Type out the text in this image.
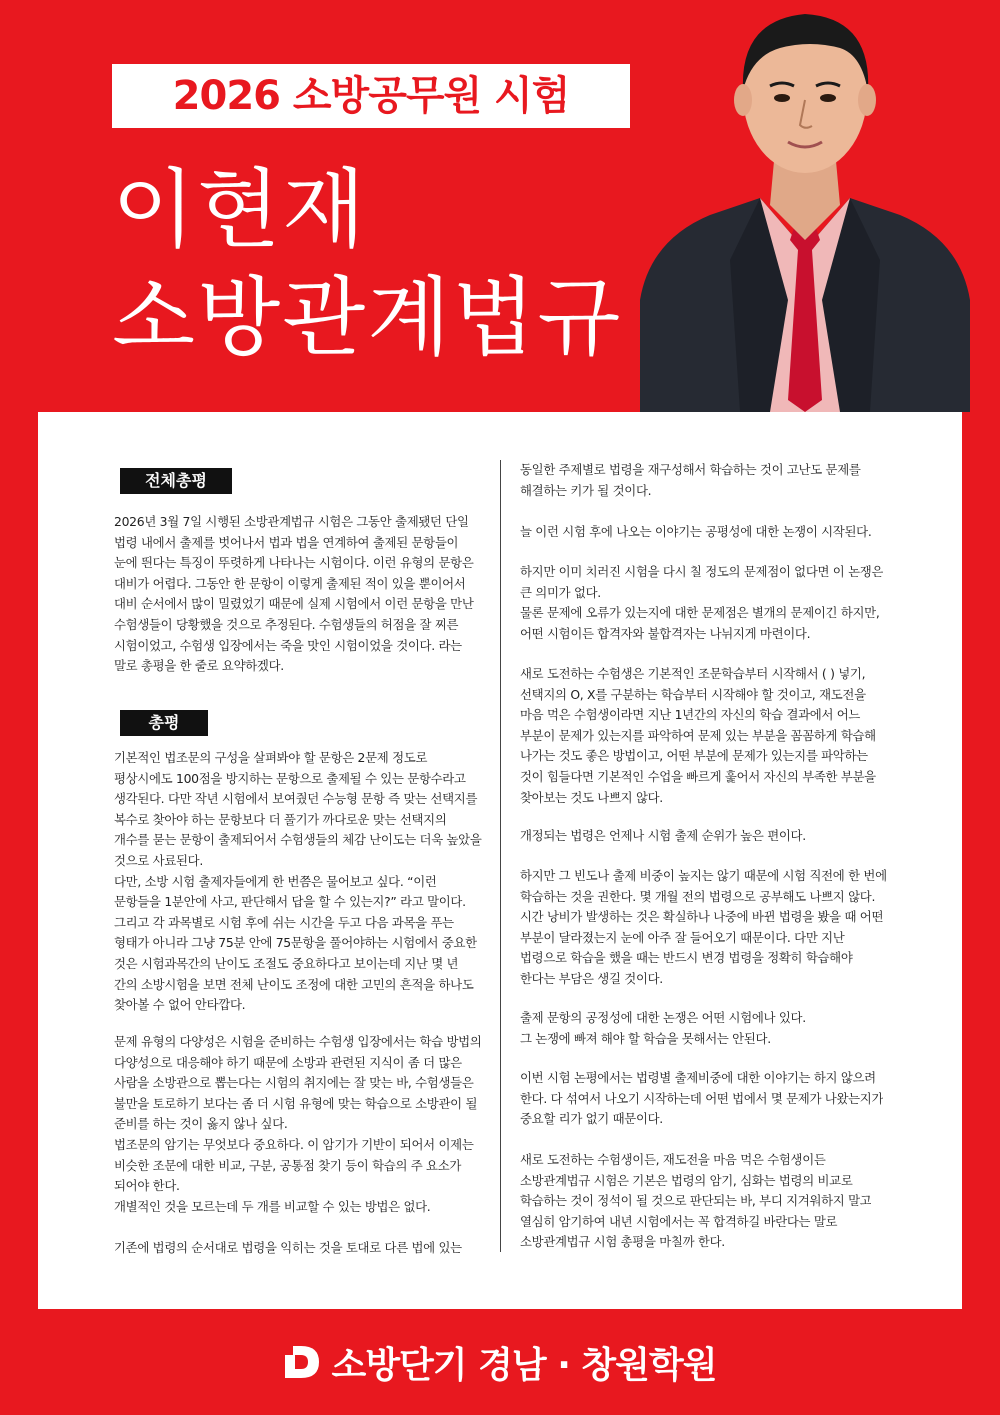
2026 소방공무원 시험
이현재
소방관계법규
전체총평
총평

2026년 3월 7일 시행된 소방관계법규 시험은 그동안 출제됐던 단일

법령 내에서 출제를 벗어나서 법과 법을 연계하여 출제된 문항들이

눈에 띈다는 특징이 뚜렷하게 나타나는 시험이다. 이런 유형의 문항은

대비가 어렵다. 그동안 한 문항이 이렇게 출제된 적이 있을 뿐이어서

대비 순서에서 많이 밀렸었기 때문에 실제 시험에서 이런 문항을 만난

수험생들이 당황했을 것으로 추정된다. 수험생들의 허점을 잘 찌른

시험이었고, 수험생 입장에서는 죽을 맛인 시험이었을 것이다. 라는

말로 총평을 한 줄로 요약하겠다.

기본적인 법조문의 구성을 살펴봐야 할 문항은 2문제 정도로

평상시에도 100점을 방지하는 문항으로 출제될 수 있는 문항수라고

생각된다. 다만 작년 시험에서 보여줬던 수능형 문항 즉 맞는 선택지를

복수로 찾아야 하는 문항보다 더 풀기가 까다로운 맞는 선택지의

개수를 묻는 문항이 출제되어서 수험생들의 체감 난이도는 더욱 높았을

것으로 사료된다.

다만, 소방 시험 출제자들에게 한 번쯤은 물어보고 싶다. “이런

문항들을 1분안에 사고, 판단해서 답을 할 수 있는지?” 라고 말이다.

그리고 각 과목별로 시험 후에 쉬는 시간을 두고 다음 과목을 푸는

형태가 아니라 그냥 75분 안에 75문항을 풀어야하는 시험에서 중요한

것은 시험과목간의 난이도 조절도 중요하다고 보이는데 지난 몇 년

간의 소방시험을 보면 전체 난이도 조정에 대한 고민의 흔적을 하나도

찾아볼 수 없어 안타깝다.

문제 유형의 다양성은 시험을 준비하는 수험생 입장에서는 학습 방법의

다양성으로 대응해야 하기 때문에 소방과 관련된 지식이 좀 더 많은

사람을 소방관으로 뽑는다는 시험의 취지에는 잘 맞는 바, 수험생들은

불만을 토로하기 보다는 좀 더 시험 유형에 맞는 학습으로 소방관이 될

준비를 하는 것이 옳지 않나 싶다.

법조문의 암기는 무엇보다 중요하다. 이 암기가 기반이 되어서 이제는

비슷한 조문에 대한 비교, 구분, 공통점 찾기 등이 학습의 주 요소가

되어야 한다.

개별적인 것을 모르는데 두 개를 비교할 수 있는 방법은 없다.

기존에 법령의 순서대로 법령을 익히는 것을 토대로 다른 법에 있는

동일한 주제별로 법령을 재구성해서 학습하는 것이 고난도 문제를

해결하는 키가 될 것이다.

늘 이런 시험 후에 나오는 이야기는 공평성에 대한 논쟁이 시작된다.

하지만 이미 치러진 시험을 다시 칠 정도의 문제점이 없다면 이 논쟁은

큰 의미가 없다.

물론 문제에 오류가 있는지에 대한 문제점은 별개의 문제이긴 하지만,

어떤 시험이든 합격자와 불합격자는 나뉘지게 마련이다.

새로 도전하는 수험생은 기본적인 조문학습부터 시작해서 ( ) 넣기,

선택지의 O, X를 구분하는 학습부터 시작해야 할 것이고, 재도전을

마음 먹은 수험생이라면 지난 1년간의 자신의 학습 결과에서 어느

부분이 문제가 있는지를 파악하여 문제 있는 부분을 꼼꼼하게 학습해

나가는 것도 좋은 방법이고, 어떤 부분에 문제가 있는지를 파악하는

것이 힘들다면 기본적인 수업을 빠르게 훑어서 자신의 부족한 부분을

찾아보는 것도 나쁘지 않다.

개정되는 법령은 언제나 시험 출제 순위가 높은 편이다.

하지만 그 빈도나 출제 비중이 높지는 않기 때문에 시험 직전에 한 번에

학습하는 것을 권한다. 몇 개월 전의 법령으로 공부해도 나쁘지 않다.

시간 낭비가 발생하는 것은 확실하나 나중에 바뀐 법령을 봤을 때 어떤

부분이 달라졌는지 눈에 아주 잘 들어오기 때문이다. 다만 지난

법령으로 학습을 했을 때는 반드시 변경 법령을 정확히 학습해야

한다는 부담은 생길 것이다.

출제 문항의 공정성에 대한 논쟁은 어떤 시험에나 있다.

그 논쟁에 빠져 해야 할 학습을 못해서는 안된다.

이번 시험 논평에서는 법령별 출제비중에 대한 이야기는 하지 않으려

한다. 다 섞여서 나오기 시작하는데 어떤 법에서 몇 문제가 나왔는지가

중요할 리가 없기 때문이다.

새로 도전하는 수험생이든, 재도전을 마음 먹은 수험생이든

소방관계법규 시험은 기본은 법령의 암기, 심화는 법령의 비교로

학습하는 것이 정석이 될 것으로 판단되는 바, 부디 지겨워하지 말고

열심히 암기하여 내년 시험에서는 꼭 합격하길 바란다는 말로

소방관계법규 시험 총평을 마칠까 한다.

소방단기 경남 · 창원학원
